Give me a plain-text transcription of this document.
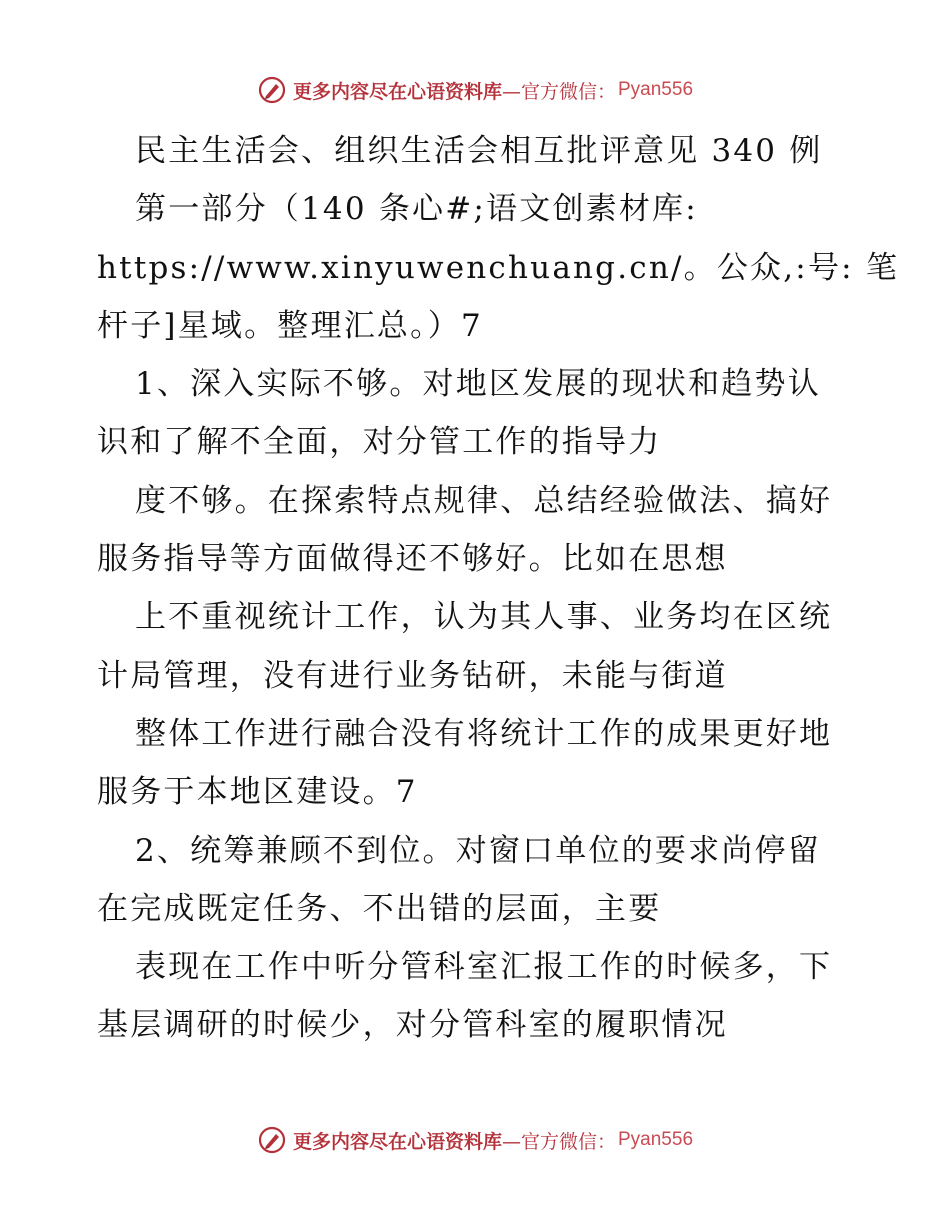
更多内容尽在心语资料库 —官方微信： Pyan556
民主生活会、组织生活会相互批评意见 340 例
第一部分（140 条心#;语文创素材库:
https://www.xinyuwenchuang.cn/。公众,:号: 笔
杆子]星域。整理汇总。）7
1、深入实际不够。对地区发展的现状和趋势认
识和了解不全面，对分管工作的指导力
度不够。在探索特点规律、总结经验做法、搞好
服务指导等方面做得还不够好。比如在思想
上不重视统计工作，认为其人事、业务均在区统
计局管理，没有进行业务钻研，未能与街道
整体工作进行融合没有将统计工作的成果更好地
服务于本地区建设。7
2、统筹兼顾不到位。对窗口单位的要求尚停留
在完成既定任务、不出错的层面，主要
表现在工作中听分管科室汇报工作的时候多，下
基层调研的时候少，对分管科室的履职情况
更多内容尽在心语资料库 —官方微信： Pyan556
